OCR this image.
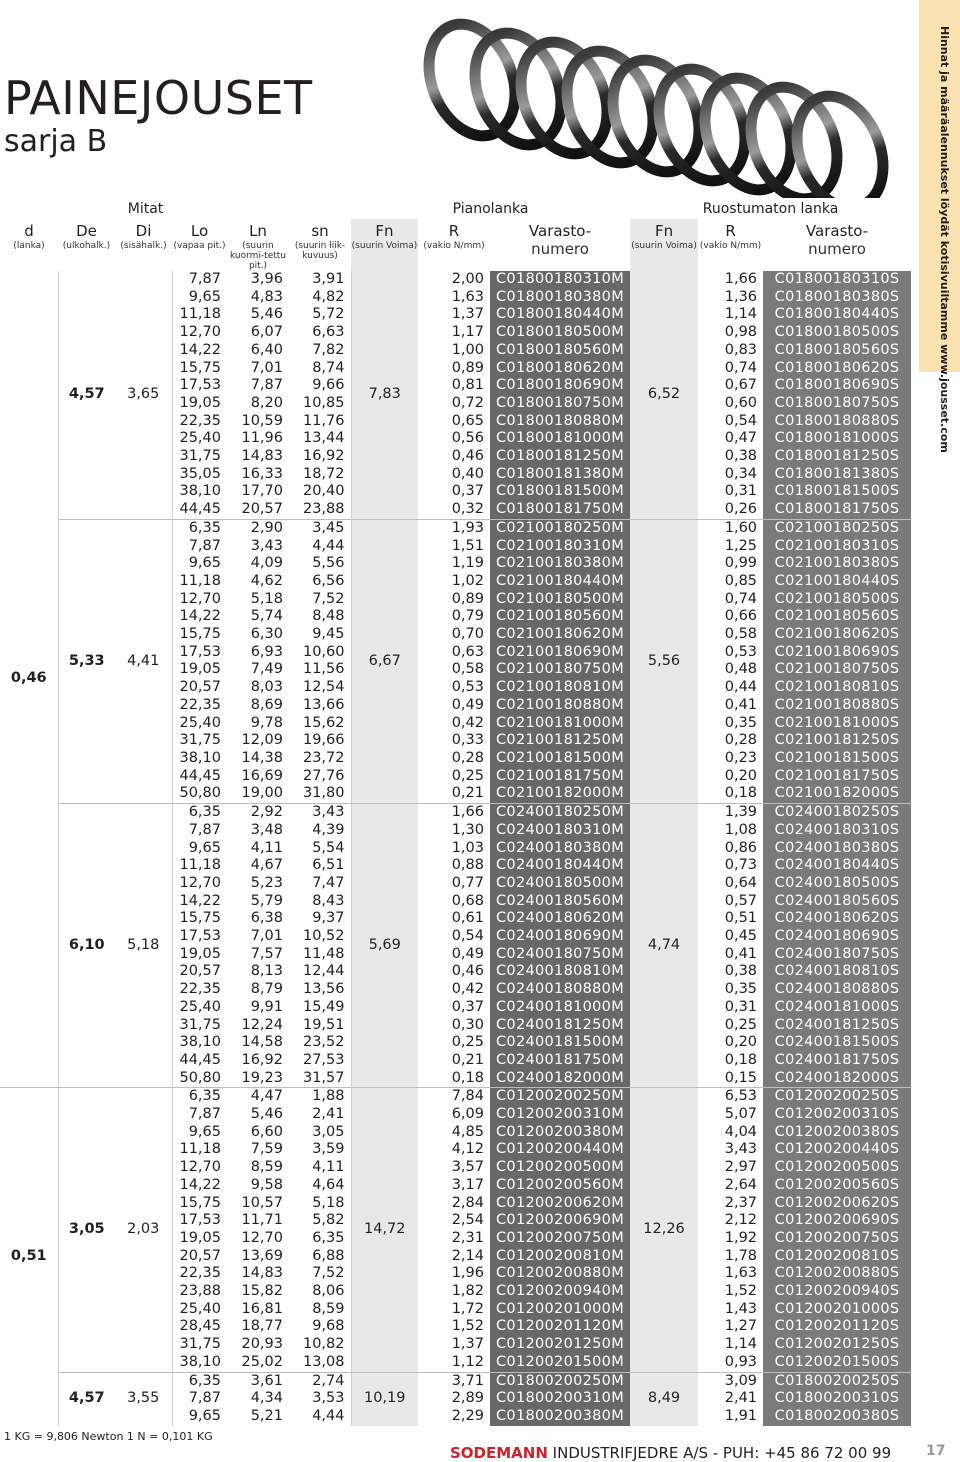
PAINEJOUSET
sarja B	Hinnat ja määräalennukset löydät kotisivuiltamme www.jousset.com
Mitat						Pianolanka			Ruostumaton lanka		
d	De	Di	Lo	Ln	sn	Fn	R	Varasto-	Fn	R	Varasto-
(lanka)	(ulkohalk.)	(sisähalk.)	(vapaa pit.)	(suurin kuormi-tettu pit.)	(suurin liik-kuvuus)	(suurin Voima)	(vakio N/mm)	numero	(suurin Voima)	(vakio N/mm)	numero
0,46	4,57	3,65	7,87	3,96	3,91	7,83	2,00	C01800180310M	6,52	1,66	C01800180310S
			9,65	4,83	4,82		1,63	C01800180380M		1,36	C01800180380S
			11,18	5,46	5,72		1,37	C01800180440M		1,14	C01800180440S
			12,70	6,07	6,63		1,17	C01800180500M		0,98	C01800180500S
			14,22	6,40	7,82		1,00	C01800180560M		0,83	C01800180560S
			15,75	7,01	8,74		0,89	C01800180620M		0,74	C01800180620S
			17,53	7,87	9,66		0,81	C01800180690M		0,67	C01800180690S
			19,05	8,20	10,85		0,72	C01800180750M		0,60	C01800180750S
			22,35	10,59	11,76		0,65	C01800180880M		0,54	C01800180880S
			25,40	11,96	13,44		0,56	C01800181000M		0,47	C01800181000S
			31,75	14,83	16,92		0,46	C01800181250M		0,38	C01800181250S
			35,05	16,33	18,72		0,40	C01800181380M		0,34	C01800181380S
			38,10	17,70	20,40		0,37	C01800181500M		0,31	C01800181500S
			44,45	20,57	23,88		0,32	C01800181750M		0,26	C01800181750S
	5,33	4,41	6,35	2,90	3,45	6,67	1,93	C02100180250M	5,56	1,60	C02100180250S
			7,87	3,43	4,44		1,51	C02100180310M		1,25	C02100180310S
			9,65	4,09	5,56		1,19	C02100180380M		0,99	C02100180380S
			11,18	4,62	6,56		1,02	C02100180440M		0,85	C02100180440S
			12,70	5,18	7,52		0,89	C02100180500M		0,74	C02100180500S
			14,22	5,74	8,48		0,79	C02100180560M		0,66	C02100180560S
			15,75	6,30	9,45		0,70	C02100180620M		0,58	C02100180620S
			17,53	6,93	10,60		0,63	C02100180690M		0,53	C02100180690S
			19,05	7,49	11,56		0,58	C02100180750M		0,48	C02100180750S
			20,57	8,03	12,54		0,53	C02100180810M		0,44	C02100180810S
			22,35	8,69	13,66		0,49	C02100180880M		0,41	C02100180880S
			25,40	9,78	15,62		0,42	C02100181000M		0,35	C02100181000S
			31,75	12,09	19,66		0,33	C02100181250M		0,28	C02100181250S
			38,10	14,38	23,72		0,28	C02100181500M		0,23	C02100181500S
			44,45	16,69	27,76		0,25	C02100181750M		0,20	C02100181750S
			50,80	19,00	31,80		0,21	C02100182000M		0,18	C02100182000S
	6,10	5,18	6,35	2,92	3,43	5,69	1,66	C02400180250M	4,74	1,39	C02400180250S
			7,87	3,48	4,39		1,30	C02400180310M		1,08	C02400180310S
			9,65	4,11	5,54		1,03	C02400180380M		0,86	C02400180380S
			11,18	4,67	6,51		0,88	C02400180440M		0,73	C02400180440S
			12,70	5,23	7,47		0,77	C02400180500M		0,64	C02400180500S
			14,22	5,79	8,43		0,68	C02400180560M		0,57	C02400180560S
			15,75	6,38	9,37		0,61	C02400180620M		0,51	C02400180620S
			17,53	7,01	10,52		0,54	C02400180690M		0,45	C02400180690S
			19,05	7,57	11,48		0,49	C02400180750M		0,41	C02400180750S
			20,57	8,13	12,44		0,46	C02400180810M		0,38	C02400180810S
			22,35	8,79	13,56		0,42	C02400180880M		0,35	C02400180880S
			25,40	9,91	15,49		0,37	C02400181000M		0,31	C02400181000S
			31,75	12,24	19,51		0,30	C02400181250M		0,25	C02400181250S
			38,10	14,58	23,52		0,25	C02400181500M		0,20	C02400181500S
			44,45	16,92	27,53		0,21	C02400181750M		0,18	C02400181750S
			50,80	19,23	31,57		0,18	C02400182000M		0,15	C02400182000S
0,51	3,05	2,03	6,35	4,47	1,88	14,72	7,84	C01200200250M	12,26	6,53	C01200200250S
			7,87	5,46	2,41		6,09	C01200200310M		5,07	C01200200310S
			9,65	6,60	3,05		4,85	C01200200380M		4,04	C01200200380S
			11,18	7,59	3,59		4,12	C01200200440M		3,43	C01200200440S
			12,70	8,59	4,11		3,57	C01200200500M		2,97	C01200200500S
			14,22	9,58	4,64		3,17	C01200200560M		2,64	C01200200560S
			15,75	10,57	5,18		2,84	C01200200620M		2,37	C01200200620S
			17,53	11,71	5,82		2,54	C01200200690M		2,12	C01200200690S
			19,05	12,70	6,35		2,31	C01200200750M		1,92	C01200200750S
			20,57	13,69	6,88		2,14	C01200200810M		1,78	C01200200810S
			22,35	14,83	7,52		1,96	C01200200880M		1,63	C01200200880S
			23,88	15,82	8,06		1,82	C01200200940M		1,52	C01200200940S
			25,40	16,81	8,59		1,72	C01200201000M		1,43	C01200201000S
			28,45	18,77	9,68		1,52	C01200201120M		1,27	C01200201120S
			31,75	20,93	10,82		1,37	C01200201250M		1,14	C01200201250S
			38,10	25,02	13,08		1,12	C01200201500M		0,93	C01200201500S
	4,57	3,55	6,35	3,61	2,74	10,19	3,71	C01800200250M	8,49	3,09	C01800200250S
			7,87	4,34	3,53		2,89	C01800200310M		2,41	C01800200310S
			9,65	5,21	4,44		2,29	C01800200380M		1,91	C01800200380S
1 KG = 9,806 Newton 1 N = 0,101 KG
SODEMANN INDUSTRIFJEDRE A/S - PUH: +45 86 72 00 99 17
